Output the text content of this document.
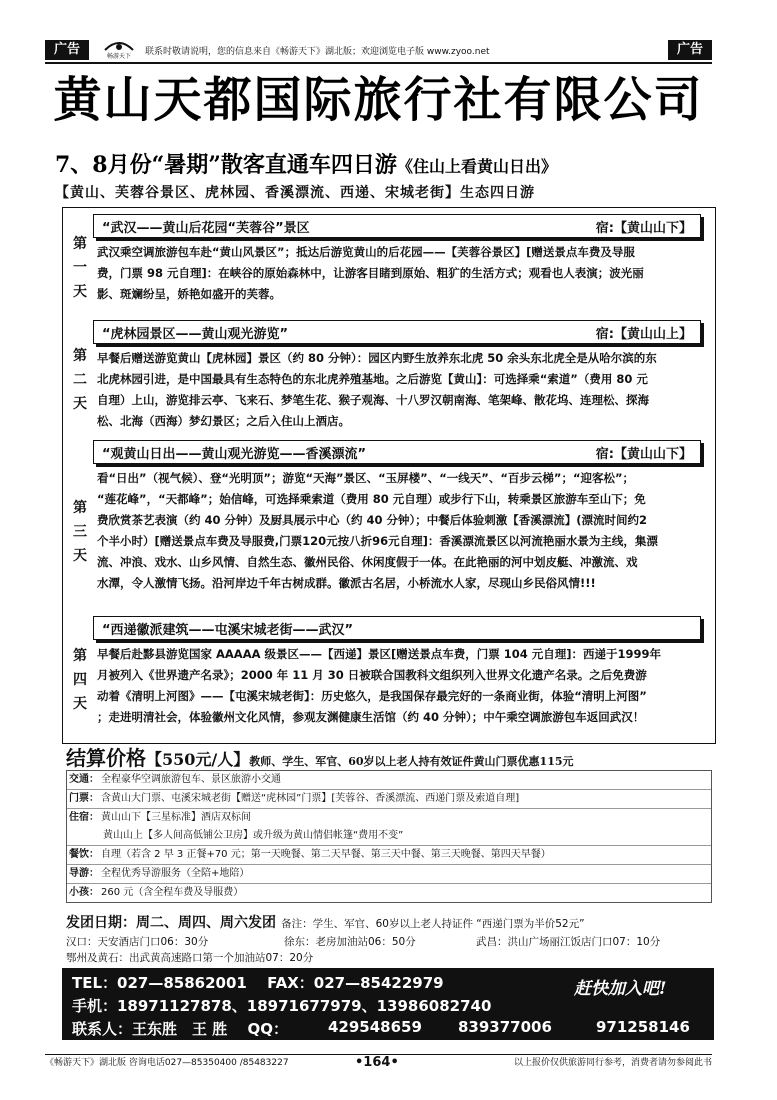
广告	畅游天下 联系时敬请说明，您的信息来自《畅游天下》湖北版；欢迎浏览电子版 www.zyoo.net	广告
黄山天都国际旅行社有限公司
7、8月份“暑期”散客直通车四日游《住山上看黄山日出》
【黄山、芙蓉谷景区、虎林园、香溪漂流、西递、宋城老街】生态四日游
第一天
“武汉——黄山后花园“芙蓉谷”景区	宿:【黄山山下】
武汉乘空调旅游包车赴“黄山风景区”；抵达后游览黄山的后花园——【芙蓉谷景区】[赠送景点车费及导服
费，门票 98 元自理]：在峡谷的原始森林中，让游客目睹到原始、粗犷的生活方式；观看也人表演；波光丽
影、斑斓纷呈，娇艳如盛开的芙蓉。
第二天
“虎林园景区——黄山观光游览”	宿:【黄山山上】
早餐后赠送游览黄山【虎林园】景区（约 80 分钟）：园区内野生放养东北虎 50 余头东北虎全是从哈尔滨的东
北虎林园引进，是中国最具有生态特色的东北虎养殖基地。之后游览【黄山】：可选择乘“索道”（费用 80 元
自理）上山，游览排云亭、飞来石、梦笔生花、猴子观海、十八罗汉朝南海、笔架峰、散花坞、连理松、探海
松、北海（西海）梦幻景区；之后入住山上酒店。
第三天
“观黄山日出——黄山观光游览——香溪漂流”	宿:【黄山山下】
看“日出”（视气候）、登“光明顶”；游览“天海”景区、“玉屏楼”、“一线天”、“百步云梯”；“迎客松”；
“莲花峰”，“天都峰”；始信峰，可选择乘索道（费用 80 元自理）或步行下山，转乘景区旅游车至山下；免
费欣赏茶艺表演（约 40 分钟）及厨具展示中心（约 40 分钟）；中餐后体验刺激【香溪漂流】(漂流时间约2
个半小时）[赠送景点车费及导服费,门票120元按八折96元自理]：香溪漂流景区以河流艳丽水景为主线，集漂
流、冲浪、戏水、山乡风情、自然生态、徽州民俗、休闲度假于一体。在此艳丽的河中划皮艇、冲激流、戏
水潭，令人激情飞扬。沿河岸边千年古树成群。徽派古名居，小桥流水人家，尽现山乡民俗风情!!!
第四天
“西递徽派建筑——屯溪宋城老街——武汉”
早餐后赴黟县游览国家 AAAAA 级景区——【西递】景区[赠送景点车费，门票 104 元自理]：西递于1999年
月被列入《世界遗产名录》；2000 年 11 月 30 日被联合国教科文组织列入世界文化遗产名录。之后免费游
动着《清明上河图》——【屯溪宋城老街】：历史悠久，是我国保存最完好的一条商业街，体验“清明上河图”
；走进明清社会，体验徽州文化风情，参观友渊健康生活馆（约 40 分钟）；中午乘空调旅游包车返回武汉！
结算价格【550元/人】教师、学生、军官、60岁以上老人持有效证件黄山门票优惠115元
交通： 全程豪华空调旅游包车、景区旅游小交通
门票： 含黄山大门票、屯溪宋城老街【赠送“虎林园”门票】[芙蓉谷、香溪漂流、西递门票及索道自理]
住宿： 黄山山下【三星标准】酒店双标间
黄山山上【多人间高低铺公卫房】或升级为黄山情侣帐篷“费用不变”
餐饮： 自理（若含 2 早 3 正餐+70 元；第一天晚餐、第二天早餐、第三天中餐、第三天晚餐、第四天早餐）
导游： 全程优秀导游服务（全陪+地陪）
小孩： 260 元（含全程车费及导服费）
发团日期：周二、周四、周六发团 备注：学生、军官、60岁以上老人持证件 “西递门票为半价52元”
汉口：天安酒店门口06：30分	徐东：老房加油站06：50分	武昌：洪山广场丽江饭店门口07：10分
鄂州及黄石：出武黄高速路口第一个加油站07：20分
TEL：027—85862001　 FAX：027—85422979
手机：18971127878、18971677979、13986082740
联系人：王东胜　王 胜　 QQ：	429548659 839377006	971258146
赶快加入吧!
《畅游天下》湖北版 咨询电话027—85350400 /85483227	•164•	以上报价仅供旅游同行参考，消费者请勿参阅此书
